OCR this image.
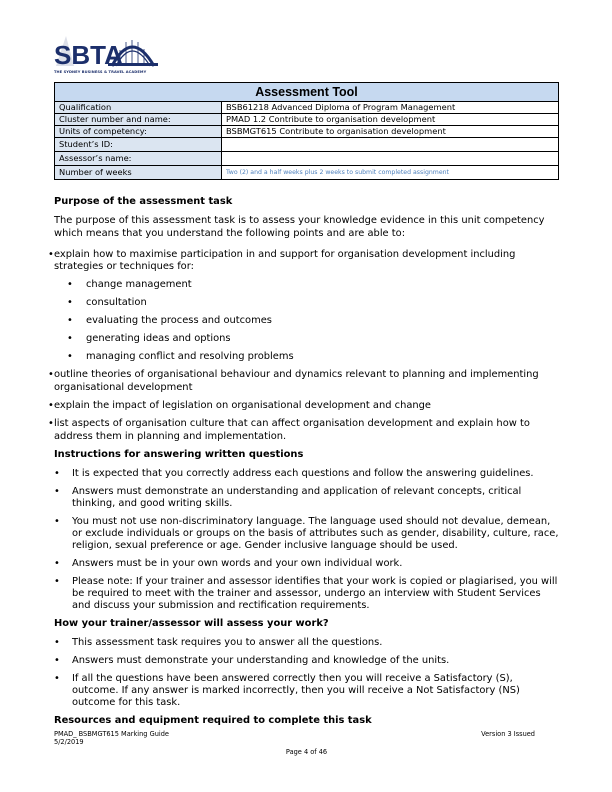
SBTA
THE SYDNEY BUSINESS & TRAVEL ACADEMY
Assessment Tool	
Qualification	BSB61218 Advanced Diploma of Program Management
Cluster number and name:	PMAD 1.2 Contribute to organisation development
Units of competency:	BSBMGT615 Contribute to organisation development
Student’s ID:	
Assessor’s name:	
Number of weeks	Two (2) and a half weeks plus 2 weeks to submit completed assignment
Purpose of the assessment task
The purpose of this assessment task is to assess your knowledge evidence in this unit competency which means that you understand the following points and are able to:
• explain how to maximise participation in and support for organisation development including strategies or techniques for:
• change management
• consultation
• evaluating the process and outcomes
• generating ideas and options
• managing conflict and resolving problems
• outline theories of organisational behaviour and dynamics relevant to planning and implementing organisational development
• explain the impact of legislation on organisational development and change
• list aspects of organisation culture that can affect organisation development and explain how to address them in planning and implementation.
Instructions for answering written questions
• It is expected that you correctly address each questions and follow the answering guidelines.
• Answers must demonstrate an understanding and application of relevant concepts, critical thinking, and good writing skills.
• You must not use non-discriminatory language. The language used should not devalue, demean, or exclude individuals or groups on the basis of attributes such as gender, disability, culture, race, religion, sexual preference or age. Gender inclusive language should be used.
• Answers must be in your own words and your own individual work.
• Please note: If your trainer and assessor identifies that your work is copied or plagiarised, you will be required to meet with the trainer and assessor, undergo an interview with Student Services and discuss your submission and rectification requirements.
How your trainer/assessor will assess your work?
• This assessment task requires you to answer all the questions.
• Answers must demonstrate your understanding and knowledge of the units.
• If all the questions have been answered correctly then you will receive a Satisfactory (S), outcome. If any answer is marked incorrectly, then you will receive a Not Satisfactory (NS) outcome for this task.
Resources and equipment required to complete this task
PMAD_ BSBMGT615 Marking Guide
5/2/2019
Version 3 Issued
Page 4 of 46
